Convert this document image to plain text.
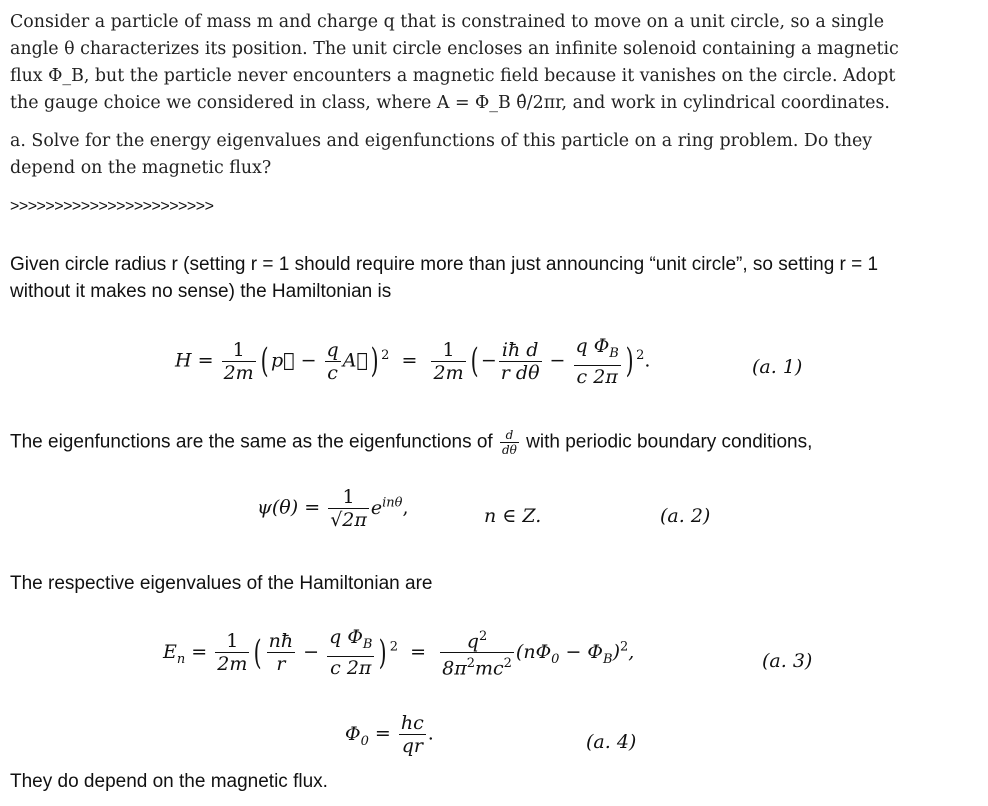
Consider a particle of mass m and charge q that is constrained to move on a unit circle, so a single
angle θ characterizes its position. The unit circle encloses an infinite solenoid containing a magnetic
flux Φ_B, but the particle never encounters a magnetic field because it vanishes on the circle. Adopt
the gauge choice we considered in class, where A = Φ_B θ̂/2πr, and work in cylindrical coordinates.
a. Solve for the energy eigenvalues and eigenfunctions of this particle on a ring problem. Do they
depend on the magnetic flux?
>>>>>>>>>>>>>>>>>>>>>>>
Given circle radius r (setting r = 1 should require more than just announcing “unit circle”, so setting r = 1
without it makes no sense) the Hamiltonian is
$H = \frac{1}{2m}$ ( p⃗ − $\frac{q}{c}$ A⃗) $^2 = \frac{1}{2m}$ ( − $\frac{\text{iħ d}}{\text{r dθ}} - \frac{q \Phi_B}{c 2\pi}$ ) $^2$.	(a. 1)
The eigenfunctions are the same as the eigenfunctions of $\frac{d}{d\theta}$ with periodic boundary conditions,
$\psi(\theta) = \frac{1}{√2\pi} e^{in\theta}$,	n ∈ Z.	(a. 2)
The respective eigenvalues of the Hamiltonian are
$E_n = \frac{1}{2m}$ ( $\frac{nħ}{r} - \frac{q \Phi_B}{c 2\pi}$ ) $^2 = \frac{q^2}{8\pi^2mc^2} (n\Phi_0 - \Phi_B)^2$,	(a. 3)
$\Phi_0 = \frac{hc}{qr}$ .	(a. 4)
They do depend on the magnetic flux.
